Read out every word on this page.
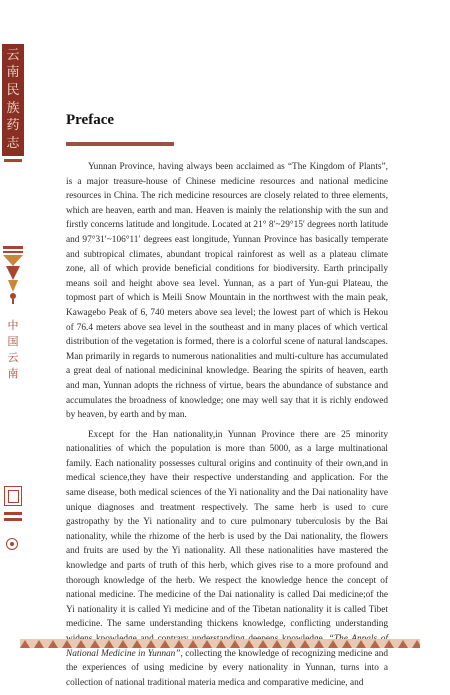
云
南
民
族
药
志
中
国
云
南
Preface

Yunnan Province, having always been acclaimed as “The Kingdom of Plants”, is a major treasure-house of Chinese medicine resources and national medicine resources in China. The rich medicine resources are closely related to three elements, which are heaven, earth and man. Heaven is mainly the relationship with the sun and firstly concerns latitude and longitude. Located at 21° 8′~29°15′ degrees north latitude and 97°31′~106°11′ degrees east longitude, Yunnan Province has basically temperate and subtropical climates, abundant tropical rainforest as well as a plateau climate zone, all of which provide beneficial conditions for biodiversity. Earth principally means soil and height above sea level. Yunnan, as a part of Yun-gui Plateau, the topmost part of which is Meili Snow Mountain in the northwest with the main peak, Kawagebo Peak of 6, 740 meters above sea level; the lowest part of which is Hekou of 76.4 meters above sea level in the southeast and in many places of which vertical distribution of the vegetation is formed, there is a colorful scene of natural landscapes. Man primarily in regards to numerous nationalities and multi-culture has accumulated a great deal of national medicininal knowledge. Bearing the spirits of heaven, earth and man, Yunnan adopts the richness of virtue, bears the abundance of substance and accumulates the broadness of knowledge; one may well say that it is richly endowed by heaven, by earth and by man.

Except for the Han nationality,in Yunnan Province there are 25 minority nationalities of which the population is more than 5000, as a large multinational family. Each nationality possesses cultural origins and continuity of their own,and in medical science,they have their respective understanding and application. For the same disease, both medical sciences of the Yi nationality and the Dai nationality have unique diagnoses and treatment respectively. The same herb is used to cure gastropathy by the Yi nationality and to cure pulmonary tuberculosis by the Bai nationality, while the rhizome of the herb is used by the Dai nationality, the flowers and fruits are used by the Yi nationality. All these nationalities have mastered the knowledge and parts of truth of this herb, which gives rise to a more profound and thorough knowledge of the herb. We respect the knowledge hence the concept of national medicine. The medicine of the Dai nationality is called Dai medicine;of the Yi nationality it is called Yi medicine and of the Tibetan nationality it is called Tibet medicine. The same understanding thickens knowledge, conflicting understanding National Medicine in Yunnan”, collecting the knowledge of recognizing medicine and the experiences of using medicine by every nationality in Yunnan, turns into a collection of national traditional materia medica and comparative medicine, and
